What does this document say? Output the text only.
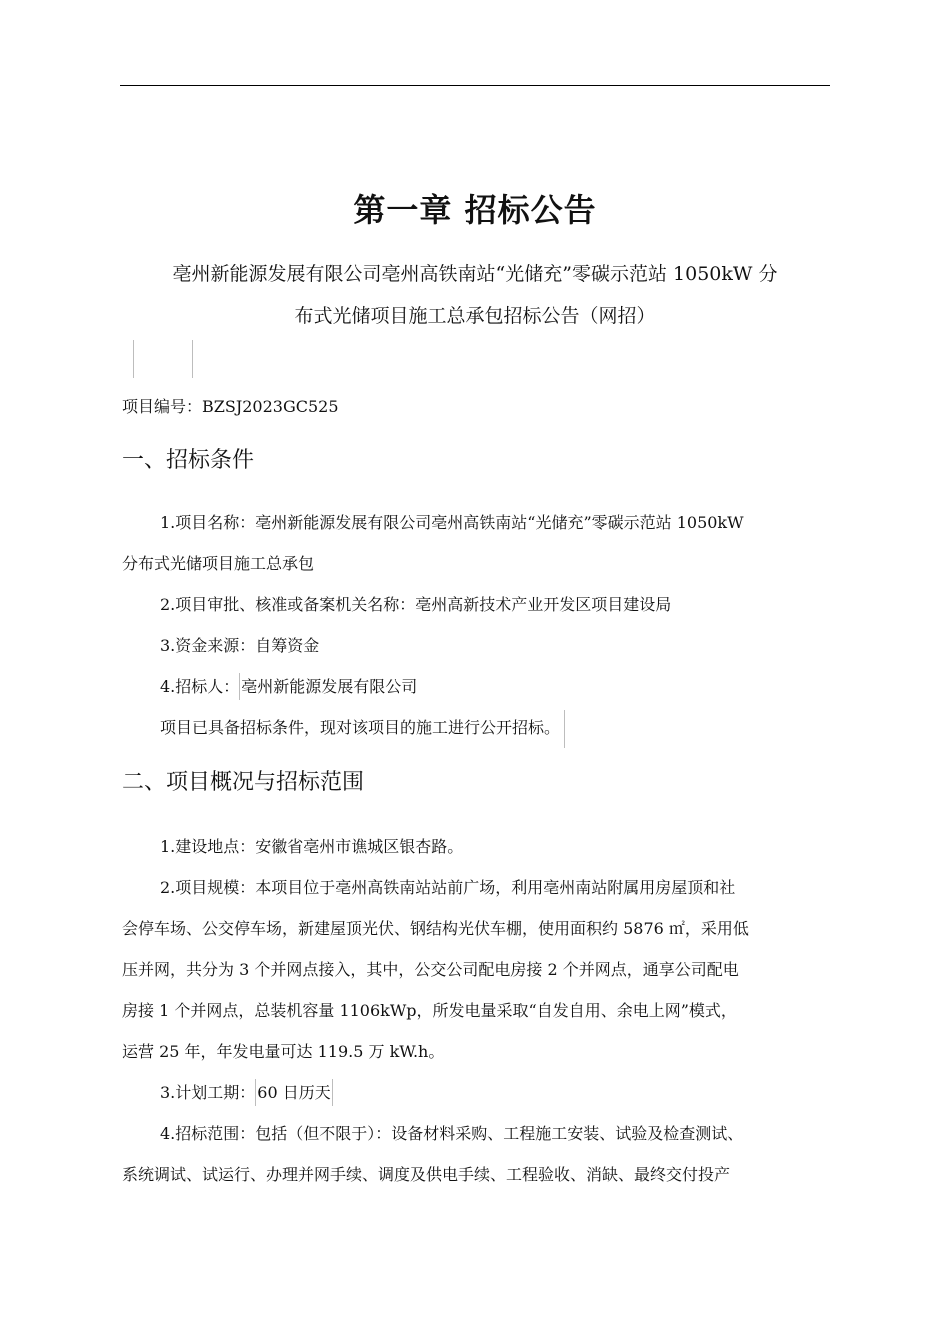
第一章 招标公告
亳州新能源发展有限公司亳州高铁南站“光储充”零碳示范站 1050kW 分
布式光储项目施工总承包招标公告（网招）

项目编号：BZSJ2023GC525

一、招标条件
1.项目名称：亳州新能源发展有限公司亳州高铁南站“光储充”零碳示范站 1050kW
分布式光储项目施工总承包
2.项目审批、核准或备案机关名称：亳州高新技术产业开发区项目建设局
3.资金来源：自筹资金
4.招标人： 亳州新能源发展有限公司
项目已具备招标条件，现对该项目的施工进行公开招标。
二、项目概况与招标范围
1.建设地点：安徽省亳州市谯城区银杏路。
2.项目规模：本项目位于亳州高铁南站站前广场，利用亳州南站附属用房屋顶和社
会停车场、公交停车场，新建屋顶光伏、钢结构光伏车棚，使用面积约 5876 ㎡，采用低
压并网，共分为 3 个并网点接入，其中，公交公司配电房接 2 个并网点，通享公司配电
房接 1 个并网点，总装机容量 1106kWp，所发电量采取“自发自用、余电上网”模式，
运营 25 年，年发电量可达 119.5 万 kW.h。
3.计划工期： 60 日历天
4.招标范围：包括（但不限于）：设备材料采购、工程施工安装、试验及检查测试、
系统调试、试运行、办理并网手续、调度及供电手续、工程验收、消缺、最终交付投产
